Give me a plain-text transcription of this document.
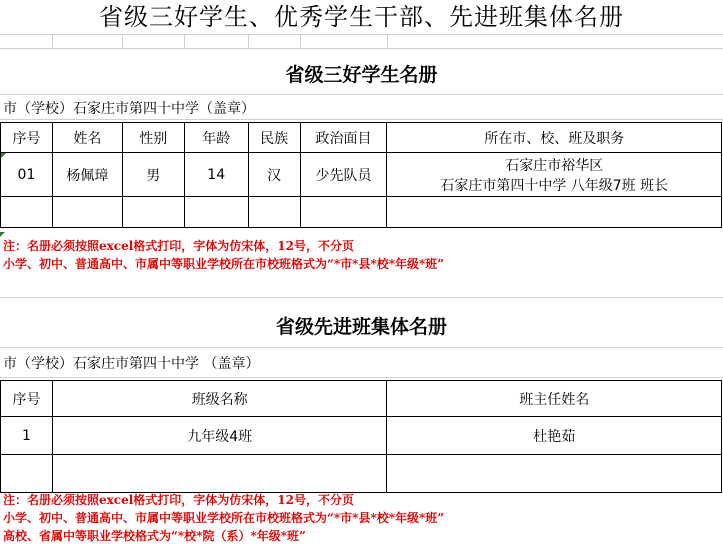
省级三好学生、优秀学生干部、先进班集体名册
省级三好学生名册
市（学校）石家庄市第四十中学（盖章）
序号	姓名	性别	年龄	民族	政治面目	所在市、校、班及职务

01	杨佩璋	男	14	汉	少先队员	石家庄市裕华区
石家庄市第四十中学 八年级7班 班长

注：名册必须按照excel格式打印，字体为仿宋体，12号，不分页
小学、初中、普通高中、市属中等职业学校所在市校班格式为“*市*县*校*年级*班”
省级先进班集体名册
市（学校）石家庄市第四十中学 （盖章）
序号	班级名称	班主任姓名
1	九年级4班	杜艳茹

注：名册必须按照excel格式打印，字体为仿宋体，12号，不分页
小学、初中、普通高中、市属中等职业学校所在市校班格式为“*市*县*校*年级*班”
高校、省属中等职业学校格式为“*校*院（系）*年级*班”
